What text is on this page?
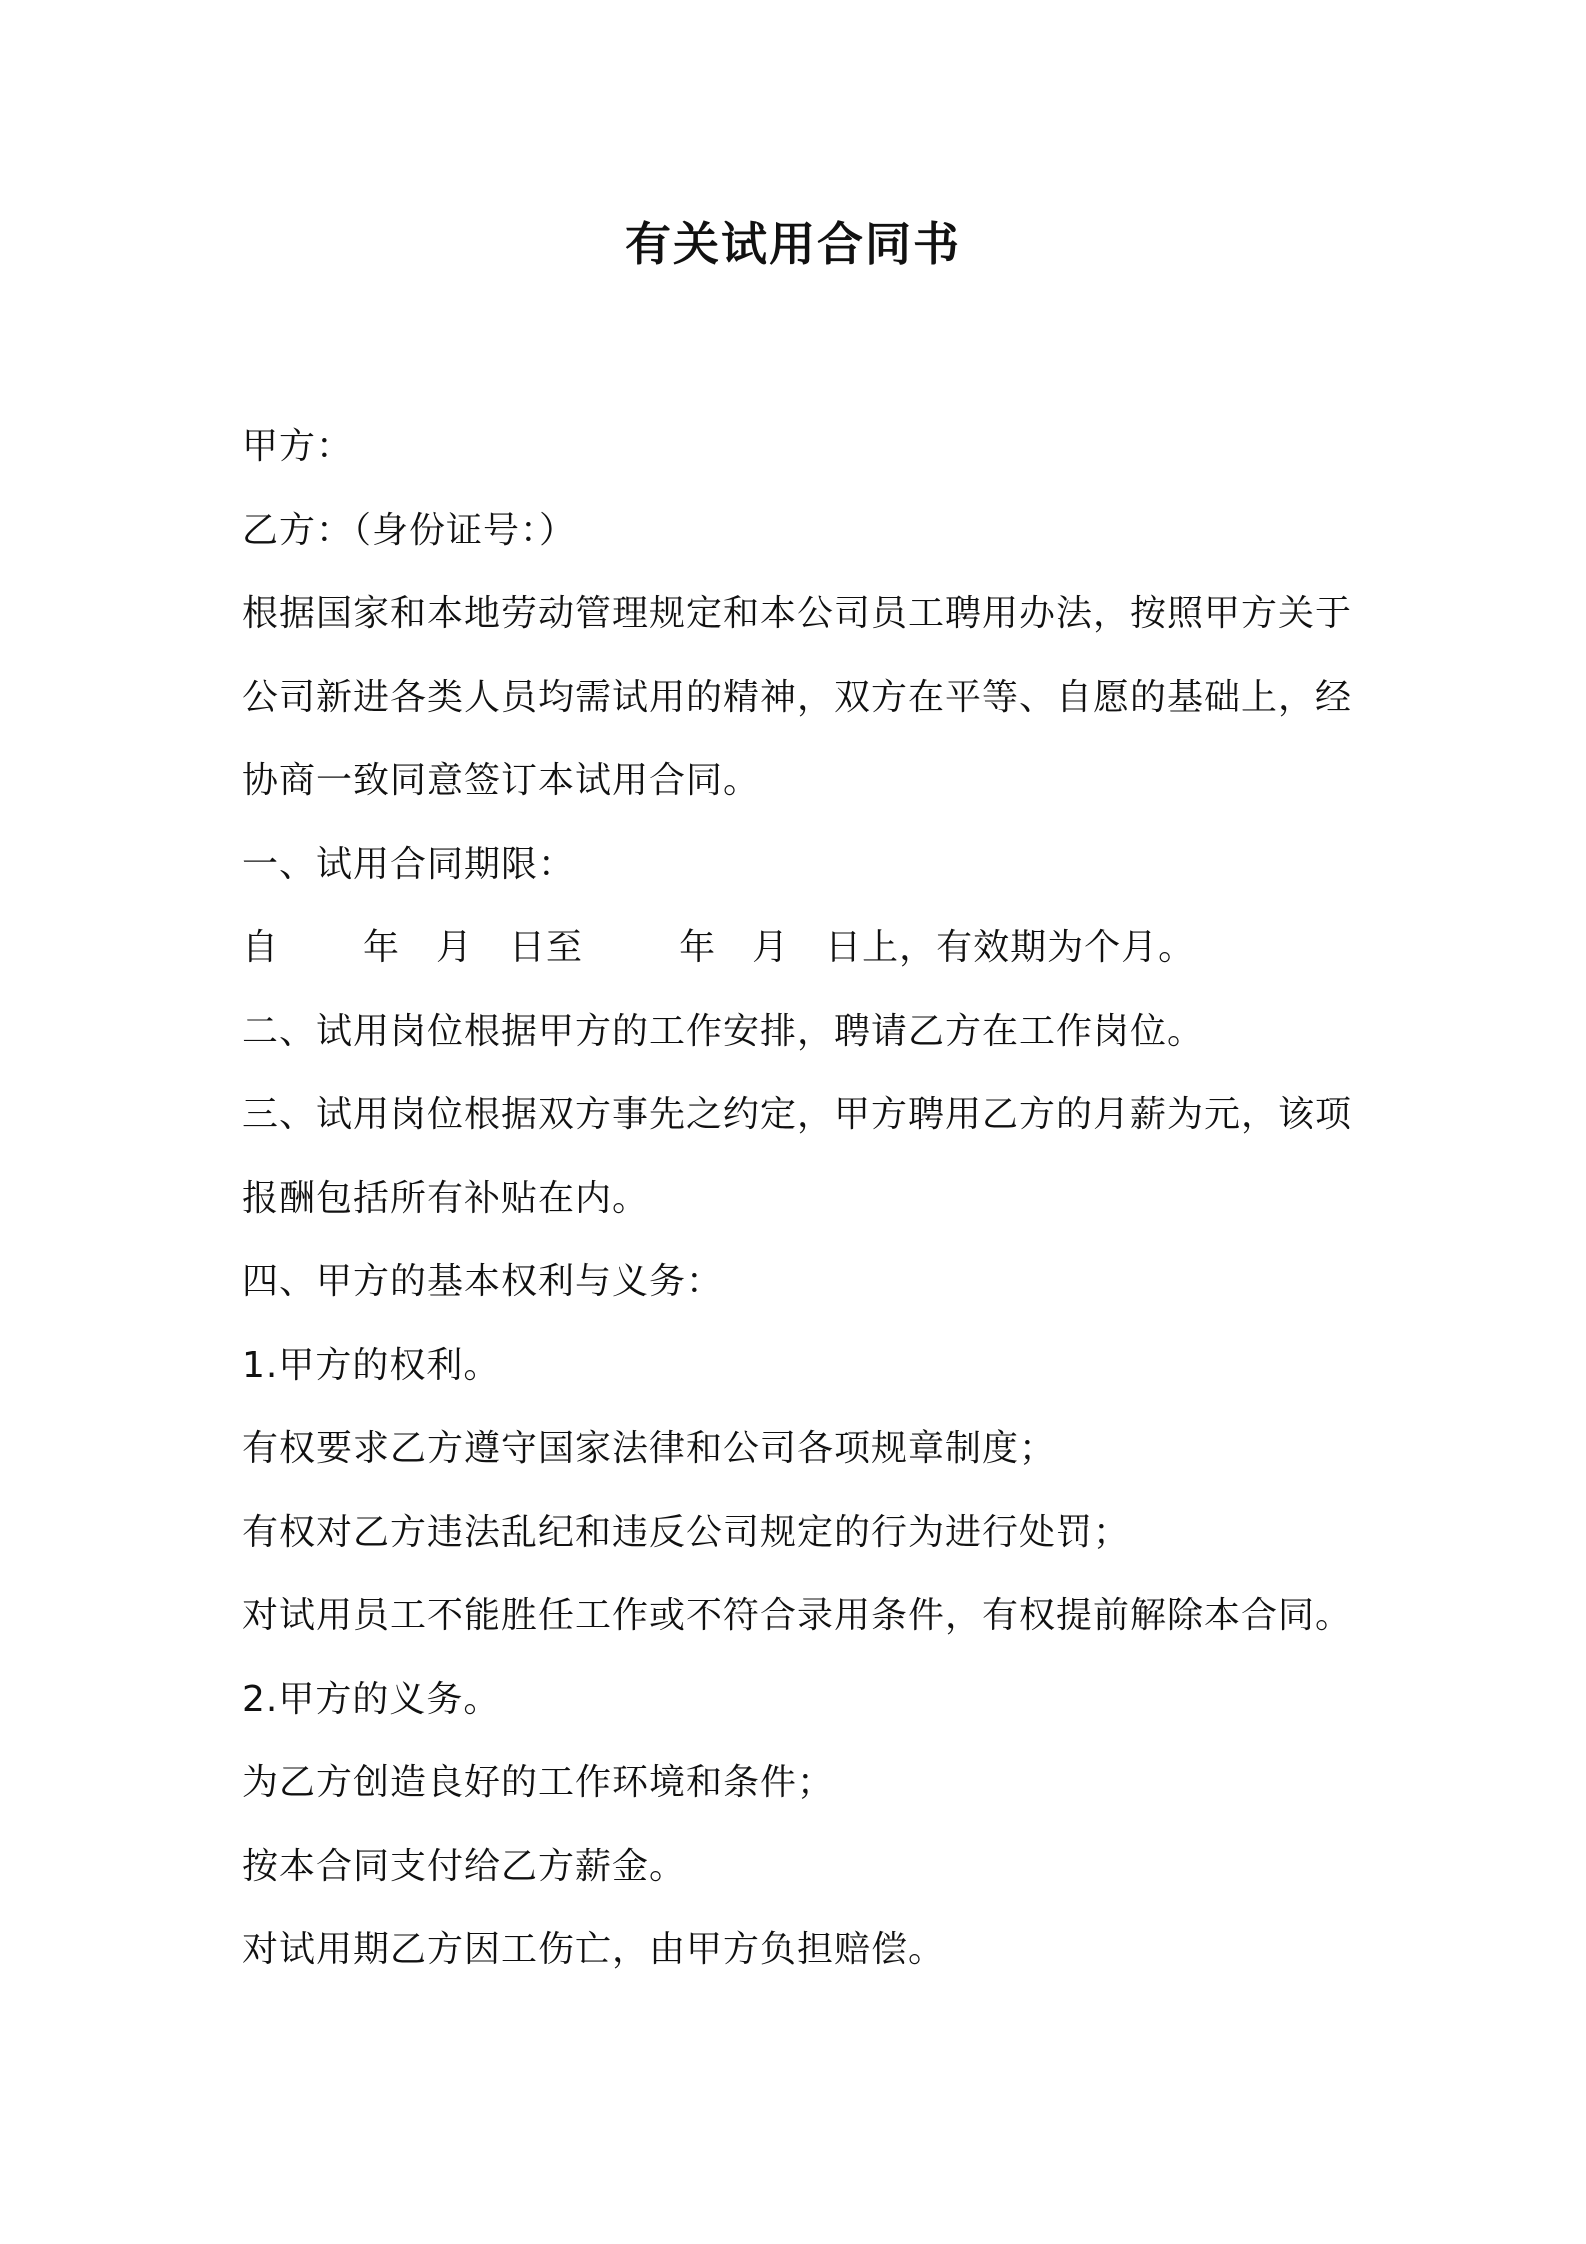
有关试用合同书
甲方：
乙方：（身份证号：）
根据国家和本地劳动管理规定和本公司员工聘用办法，按照甲方关于
公司新进各类人员均需试用的精神，双方在平等、自愿的基础上，经
协商一致同意签订本试用合同。
一、试用合同期限：
自 年 月 日至	年 月 日上，有效期为个月。
二、试用岗位根据甲方的工作安排，聘请乙方在工作岗位。
三、试用岗位根据双方事先之约定，甲方聘用乙方的月薪为元，该项
报酬包括所有补贴在内。
四、甲方的基本权利与义务：
1.甲方的权利。
有权要求乙方遵守国家法律和公司各项规章制度；
有权对乙方违法乱纪和违反公司规定的行为进行处罚；
对试用员工不能胜任工作或不符合录用条件，有权提前解除本合同。
2.甲方的义务。
为乙方创造良好的工作环境和条件；
按本合同支付给乙方薪金。
对试用期乙方因工伤亡，由甲方负担赔偿。
